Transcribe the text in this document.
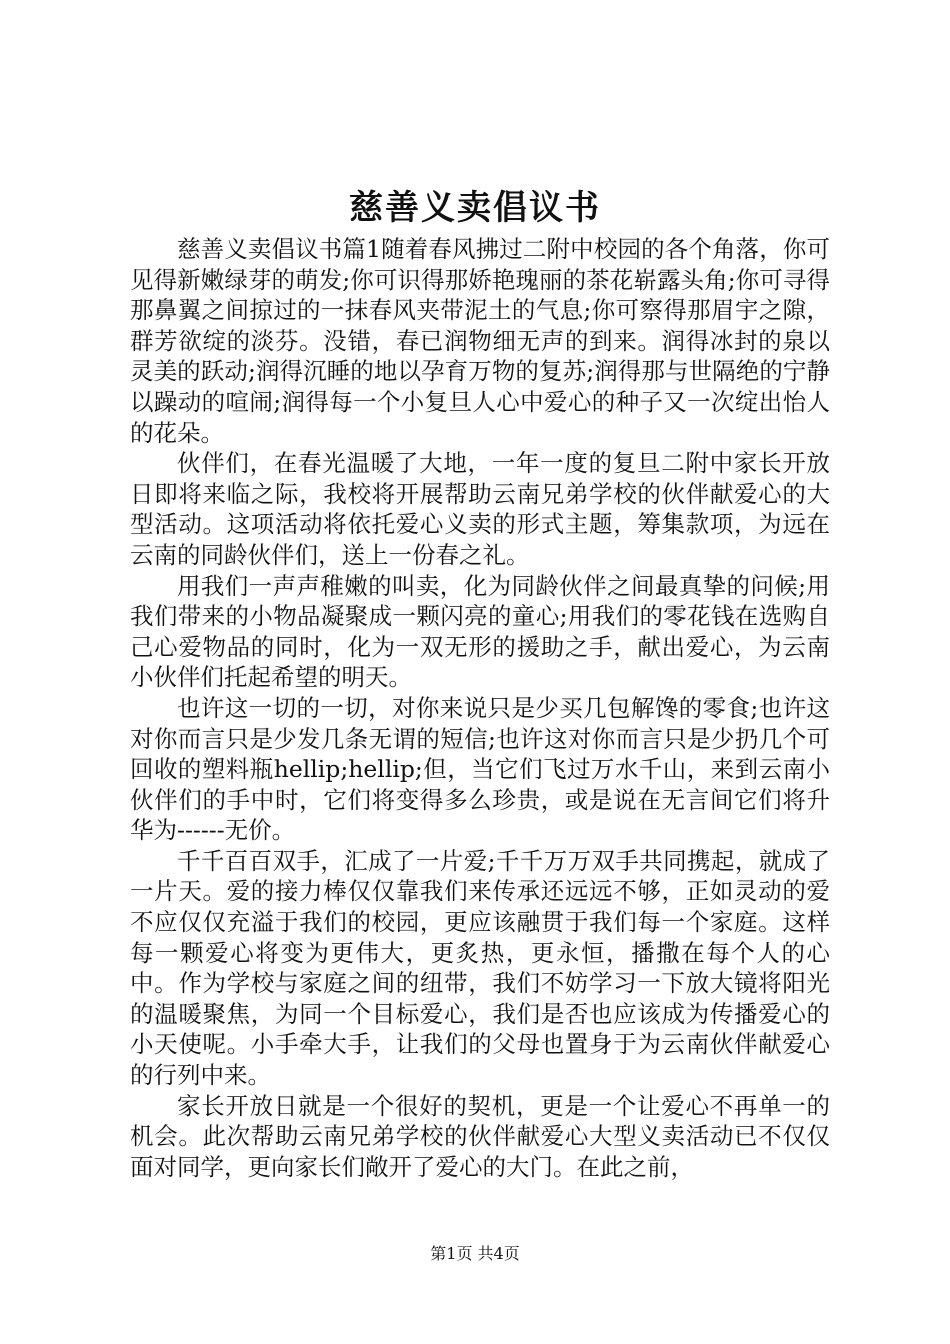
慈善义卖倡议书

慈善义卖倡议书篇1随着春风拂过二附中校园的各个角落，你可见得新嫩绿芽的萌发;你可识得那娇艳瑰丽的茶花崭露头角;你可寻得那鼻翼之间掠过的一抹春风夹带泥土的气息;你可察得那眉宇之隙，群芳欲绽的淡芬。没错，春已润物细无声的到来。润得冰封的泉以灵美的跃动;润得沉睡的地以孕育万物的复苏;润得那与世隔绝的宁静以躁动的喧闹;润得每一个小复旦人心中爱心的种子又一次绽出怡人的花朵。

伙伴们，在春光温暖了大地，一年一度的复旦二附中家长开放日即将来临之际，我校将开展帮助云南兄弟学校的伙伴献爱心的大型活动。这项活动将依托爱心义卖的形式主题，筹集款项，为远在云南的同龄伙伴们，送上一份春之礼。

用我们一声声稚嫩的叫卖，化为同龄伙伴之间最真挚的问候;用我们带来的小物品凝聚成一颗闪亮的童心;用我们的零花钱在选购自己心爱物品的同时，化为一双无形的援助之手，献出爱心，为云南小伙伴们托起希望的明天。

也许这一切的一切，对你来说只是少买几包解馋的零食;也许这对你而言只是少发几条无谓的短信;也许这对你而言只是少扔几个可回收的塑料瓶hellip;hellip;但，当它们飞过万水千山，来到云南小伙伴们的手中时，它们将变得多么珍贵，或是说在无言间它们将升华为------无价。

千千百百双手，汇成了一片爱;千千万万双手共同携起，就成了一片天。爱的接力棒仅仅靠我们来传承还远远不够，正如灵动的爱不应仅仅充溢于我们的校园，更应该融贯于我们每一个家庭。这样每一颗爱心将变为更伟大，更炙热，更永恒，播撒在每个人的心中。作为学校与家庭之间的纽带，我们不妨学习一下放大镜将阳光的温暖聚焦，为同一个目标爱心，我们是否也应该成为传播爱心的小天使呢。小手牵大手，让我们的父母也置身于为云南伙伴献爱心的行列中来。

家长开放日就是一个很好的契机，更是一个让爱心不再单一的机会。此次帮助云南兄弟学校的伙伴献爱心大型义卖活动已不仅仅面对同学，更向家长们敞开了爱心的大门。在此之前，

第1页 共4页
